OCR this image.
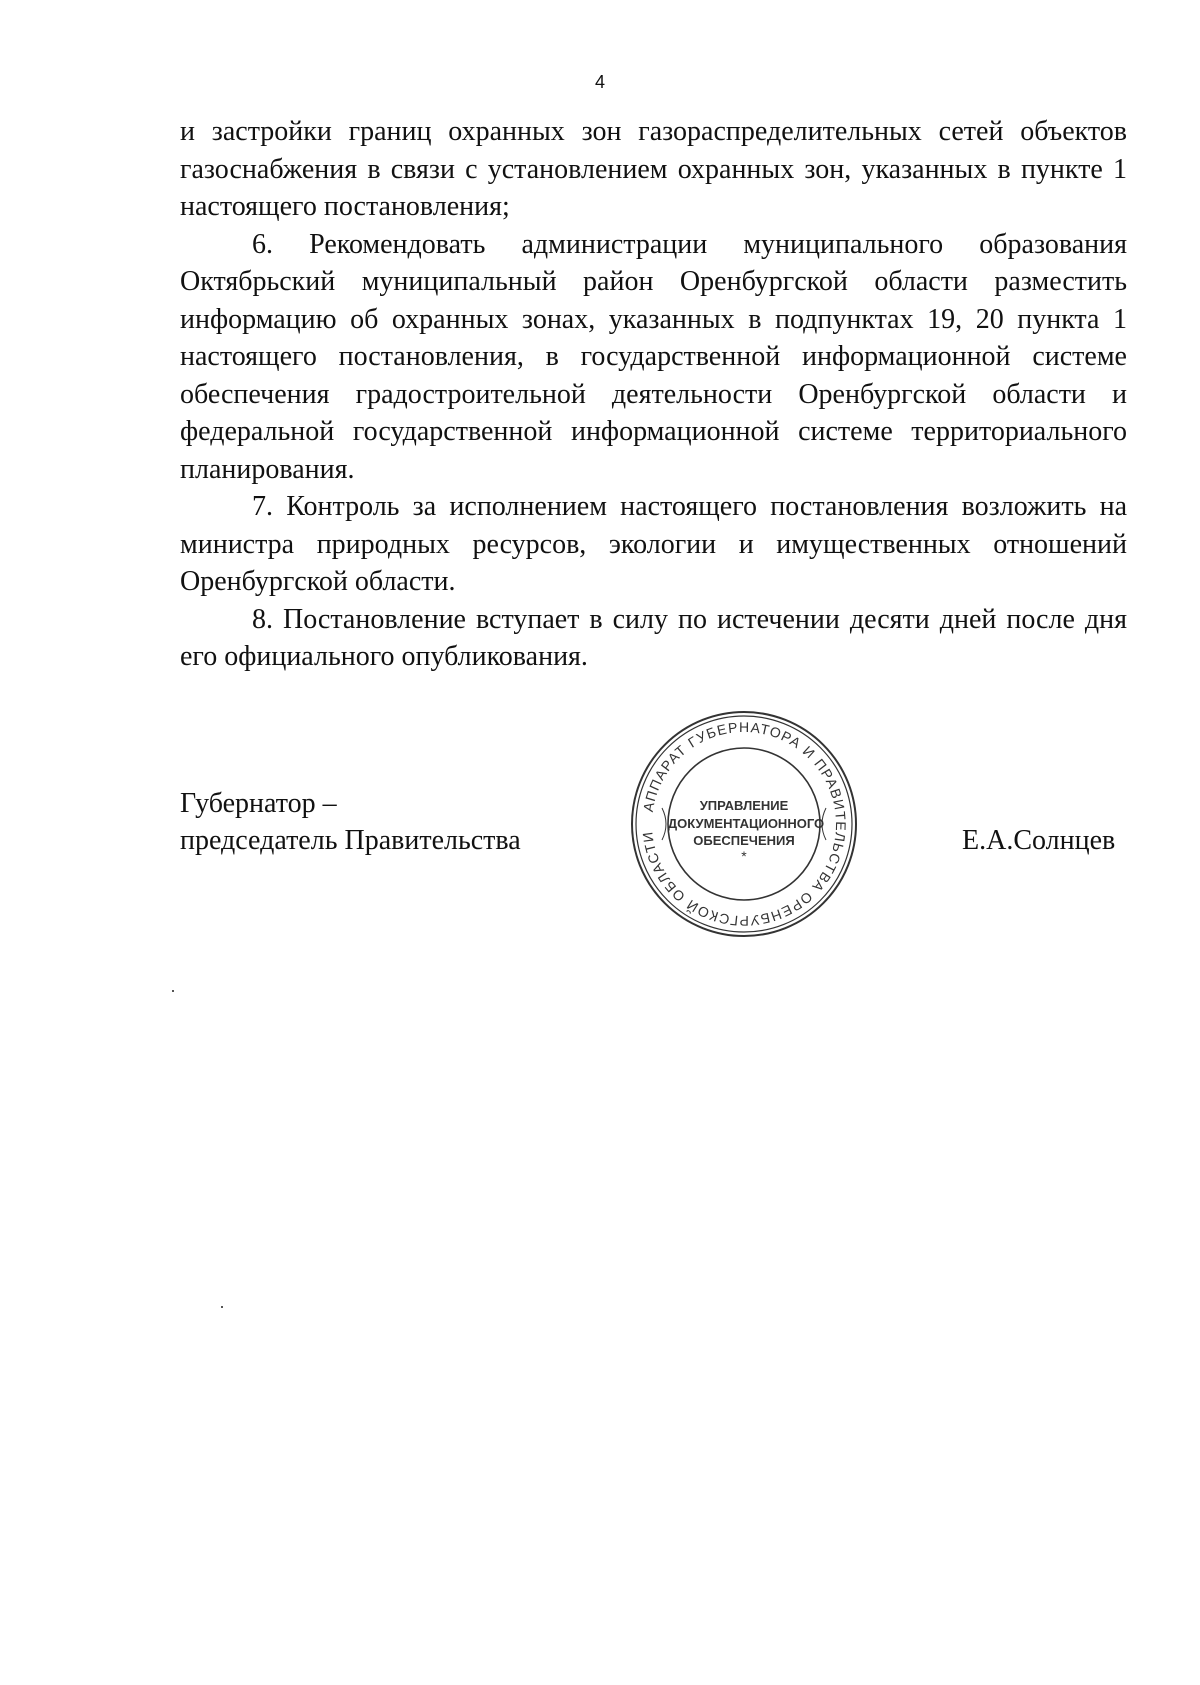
4

и застройки границ охранных зон газораспределительных сетей объектов газоснабжения в связи с установлением охранных зон, указанных в пункте 1 настоящего постановления;

6. Рекомендовать администрации муниципального образования Октябрьский муниципальный район Оренбургской области разместить информацию об охранных зонах, указанных в подпунктах 19, 20 пункта 1 настоящего постановления, в государственной информационной системе обеспечения градостроительной деятельности Оренбургской области и федеральной государственной информационной системе территориального планирования.

7. Контроль за исполнением настоящего постановления возложить на министра природных ресурсов, экологии и имущественных отношений Оренбургской области.

8. Постановление вступает в силу по истечении десяти дней после дня его официального опубликования.

Губернатор –
председатель Правительства
АППАРАТ ГУБЕРНАТОРА И ПРАВИТЕЛЬСТВА ОРЕНБУРГСКОЙ ОБЛАСТИ
*
УПРАВЛЕНИЕ
ДОКУМЕНТАЦИОННОГО
ОБЕСПЕЧЕНИЯ	Е.А.Солнцев
